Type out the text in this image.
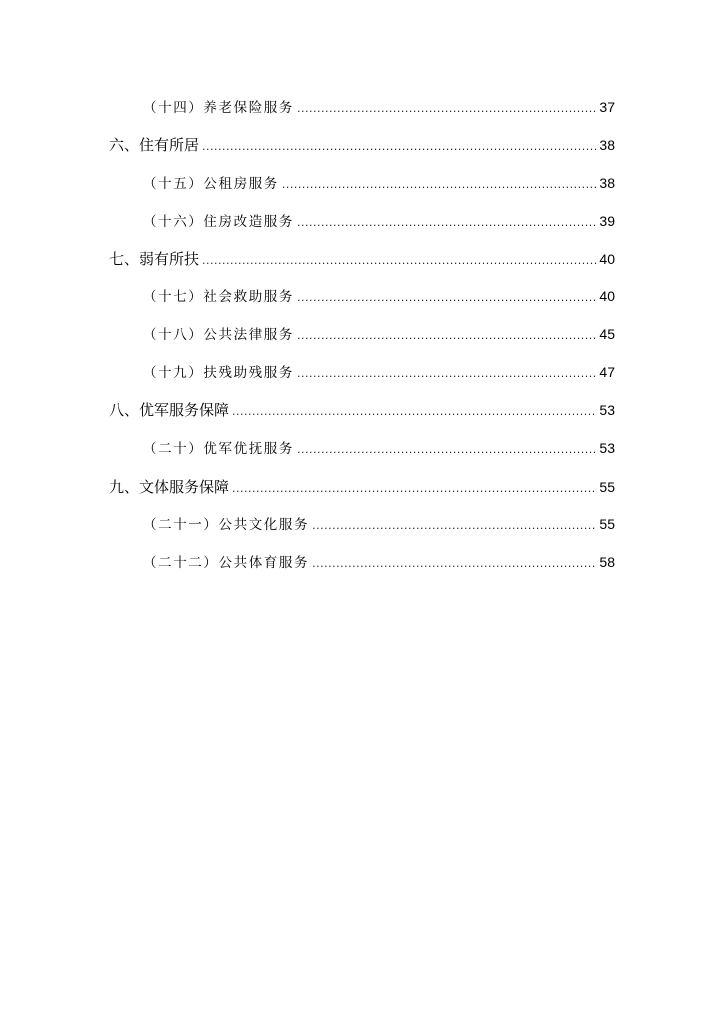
（十四） 养老保险服务 .....	37
六、 住有所居 .....	38
（十五） 公租房服务 .....	38
（十六） 住房改造服务 .....	39
七、 弱有所扶 .....	40
（十七） 社会救助服务 .....	40
（十八） 公共法律服务 .....	45
（十九） 扶残助残服务 .....	47
八、 优军服务保障 .....	53
（二十） 优军优抚服务 .....	53
九、 文体服务保障 .....	55
（二十一） 公共文化服务 .....	55
（二十二） 公共体育服务 .....	58
